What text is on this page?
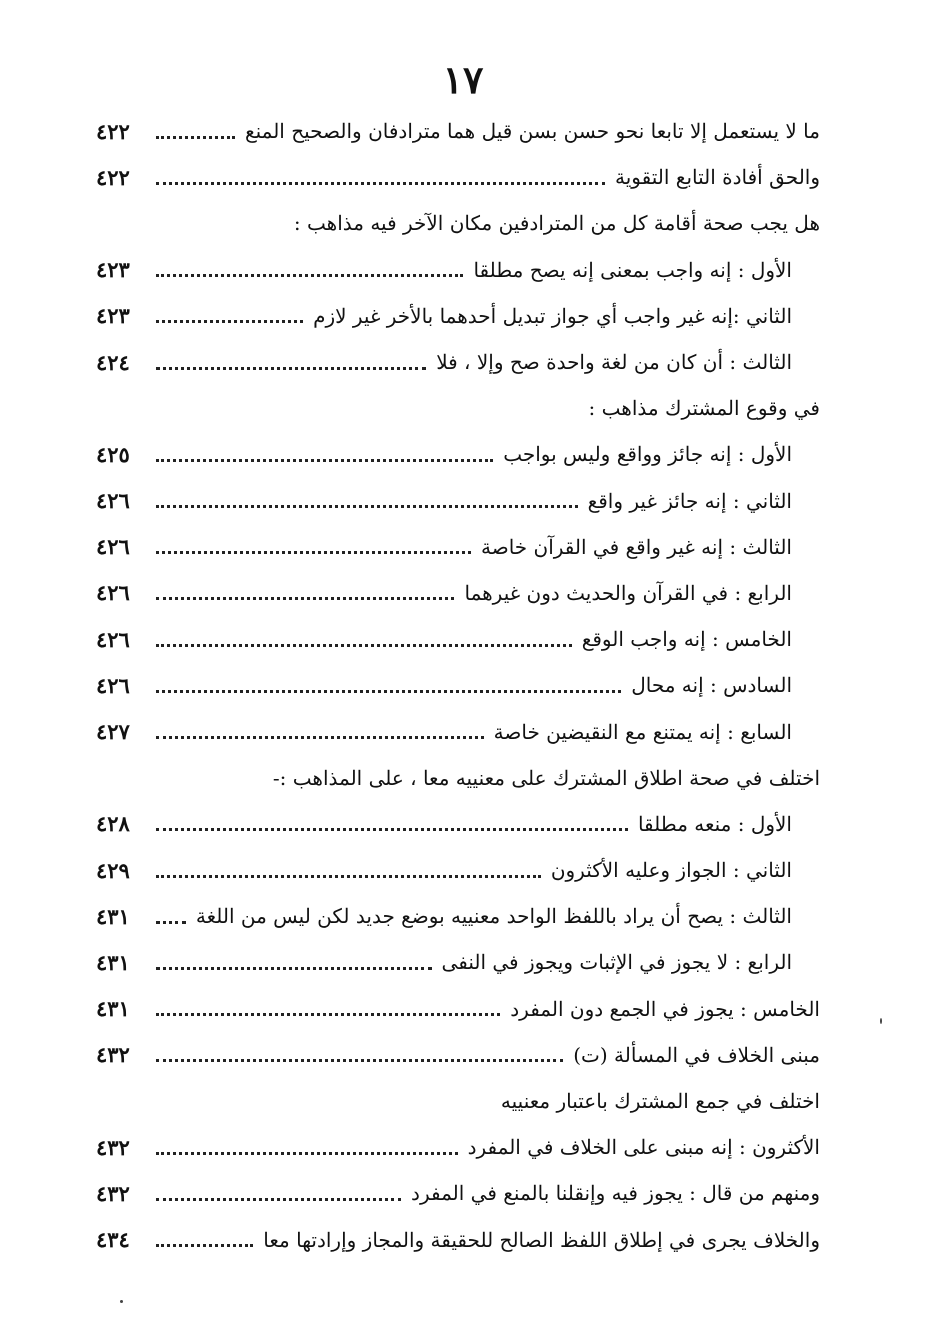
١٧
ما لا يستعمل إلا تابعا نحو حسن بسن قيل هما مترادفان والصحيح المنع
٤٢٢
والحق أفادة التابع التقوية
٤٢٢
هل يجب صحة أقامة كل من المترادفين مكان الآخر فيه مذاهب :
الأول : إنه واجب بمعنى إنه يصح مطلقا
٤٢٣
الثاني :إنه غير واجب أي جواز تبديل أحدهما بالأخر غير لازم
٤٢٣
الثالث : أن كان من لغة واحدة صح وإلا ، فلا
٤٢٤
في وقوع المشترك مذاهب :
الأول : إنه جائز وواقع وليس بواجب
٤٢٥
الثاني : إنه جائز غير واقع
٤٢٦
الثالث : إنه غير واقع في القرآن خاصة
٤٢٦
الرابع : في القرآن والحديث دون غيرهما
٤٢٦
الخامس : إنه واجب الوقع
٤٢٦
السادس : إنه محال
٤٢٦
السابع : إنه يمتنع مع النقيضين خاصة
٤٢٧
اختلف في صحة اطلاق المشترك على معنييه معا ، على المذاهب :-
الأول : منعه مطلقا
٤٢٨
الثاني : الجواز وعليه الأكثرون
٤٢٩
الثالث : يصح أن يراد باللفظ الواحد معنييه بوضع جديد لكن ليس من اللغة
٤٣١
الرابع : لا يجوز في الإثبات ويجوز في النفى
٤٣١
الخامس : يجوز في الجمع دون المفرد
٤٣١
مبنى الخلاف في المسألة (ت)
٤٣٢
اختلف في جمع المشترك باعتبار معنييه
الأكثرون : إنه مبنى على الخلاف في المفرد
٤٣٢
ومنهم من قال : يجوز فيه وإنقلنا بالمنع في المفرد
٤٣٢
والخلاف يجرى في إطلاق اللفظ الصالح للحقيقة والمجاز وإرادتها معا
٤٣٤
